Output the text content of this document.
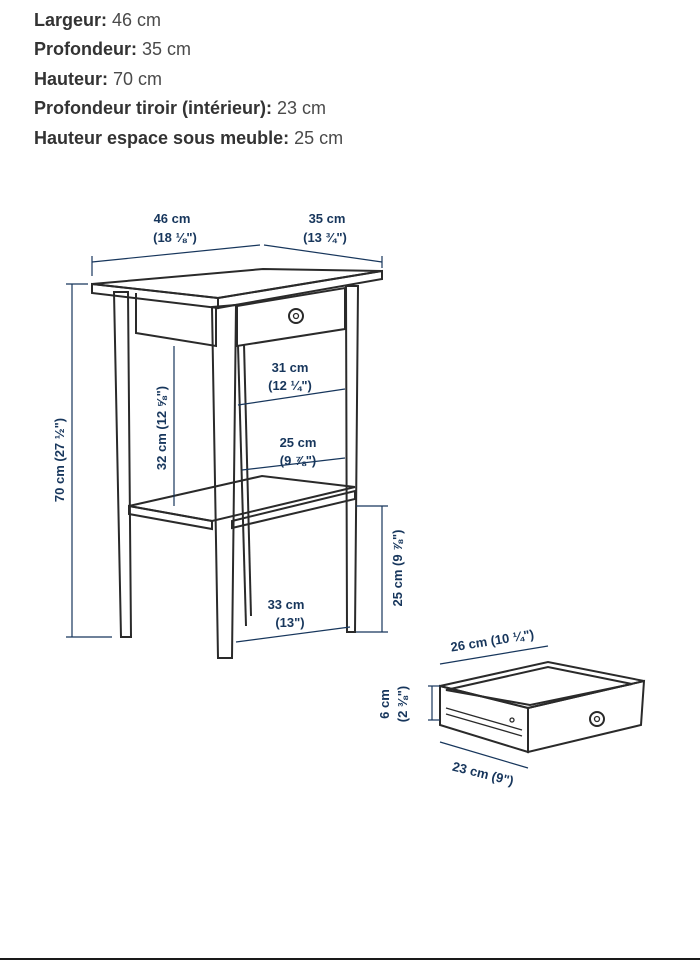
Largeur: 46 cm
Profondeur: 35 cm
Hauteur: 70 cm
Profondeur tiroir (intérieur): 23 cm
Hauteur espace sous meuble: 25 cm
46 cm
(18 ⅛")
35 cm
(13 ¾")
70 cm (27 ½")	32 cm (12 ⅝")
31 cm
(12 ¼")
25 cm
(9 ⅞")
25 cm (9 ⅞")
33 cm
(13")
26 cm (10 ¼")
6 cm (2 ⅜")
23 cm (9")
